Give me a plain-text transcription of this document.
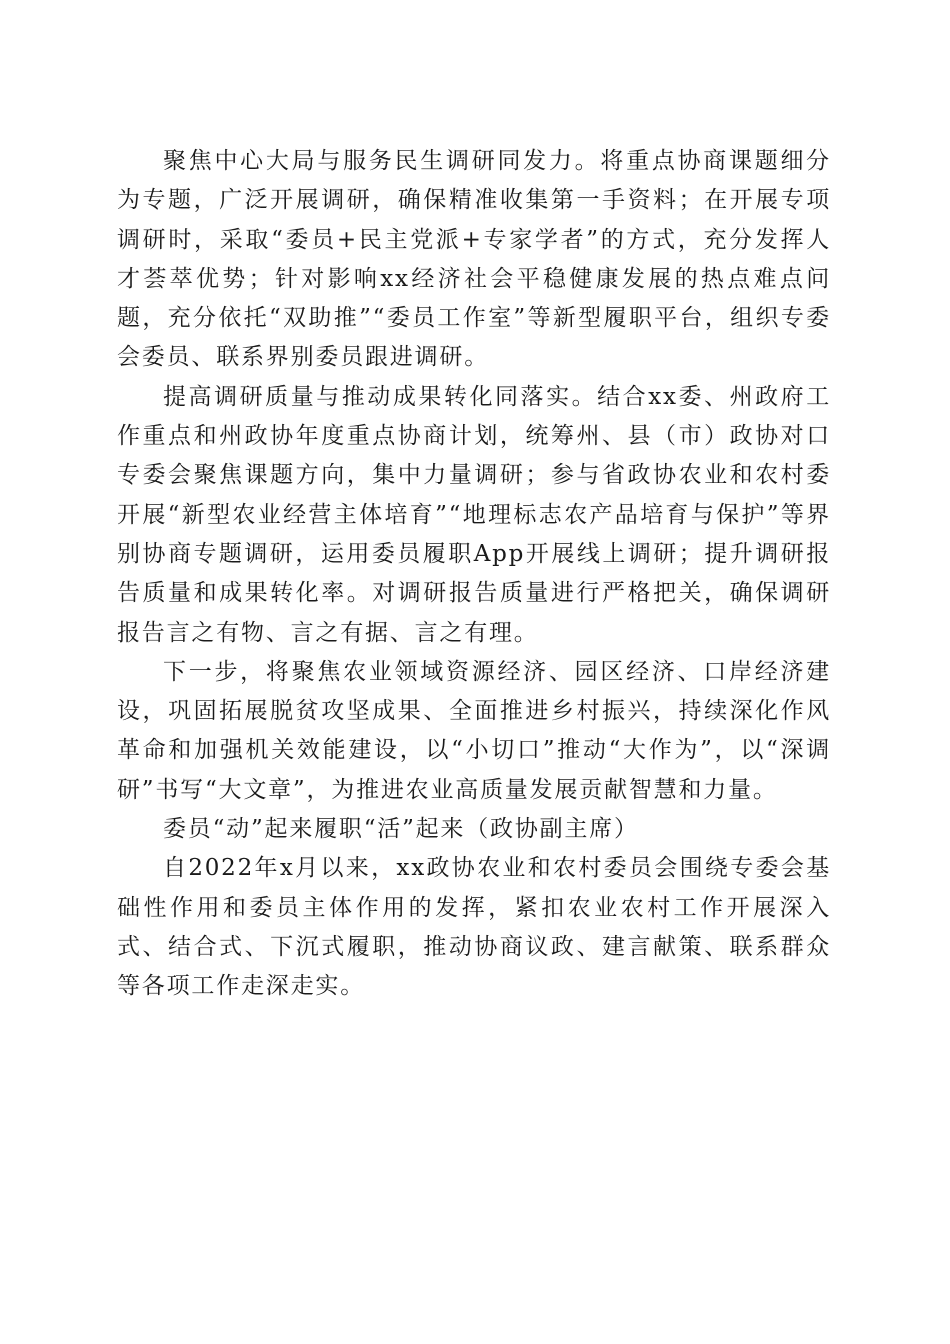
聚焦中心大局与服务民生调研同发力。将重点协商课题细分为专题，广泛开展调研，确保精准收集第一手资料；在开展专项调研时，采取“委员+民主党派+专家学者”的方式，充分发挥人才荟萃优势；针对影响xx经济社会平稳健康发展的热点难点问题，充分依托“双助推”“委员工作室”等新型履职平台，组织专委会委员、联系界别委员跟进调研。

提高调研质量与推动成果转化同落实。结合xx委、州政府工作重点和州政协年度重点协商计划，统筹州、县（市）政协对口专委会聚焦课题方向，集中力量调研；参与省政协农业和农村委开展“新型农业经营主体培育”“地理标志农产品培育与保护”等界别协商专题调研，运用委员履职App开展线上调研；提升调研报告质量和成果转化率。对调研报告质量进行严格把关，确保调研报告言之有物、言之有据、言之有理。

下一步，将聚焦农业领域资源经济、园区经济、口岸经济建设，巩固拓展脱贫攻坚成果、全面推进乡村振兴，持续深化作风革命和加强机关效能建设，以“小切口”推动“大作为”，以“深调研”书写“大文章”，为推进农业高质量发展贡献智慧和力量。

委员“动”起来履职“活”起来（政协副主席）

自2022年x月以来，xx政协农业和农村委员会围绕专委会基础性作用和委员主体作用的发挥，紧扣农业农村工作开展深入式、结合式、下沉式履职，推动协商议政、建言献策、联系群众等各项工作走深走实。
